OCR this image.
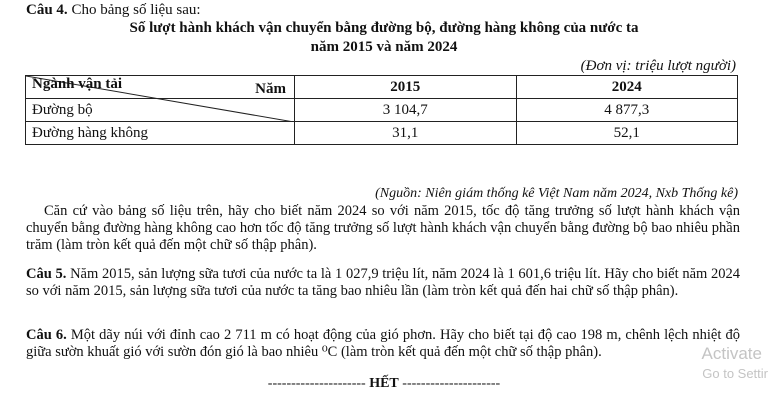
Câu 4. Cho bảng số liệu sau:
Số lượt hành khách vận chuyển bằng đường bộ, đường hàng không của nước ta
năm 2015 và năm 2024
(Đơn vị: triệu lượt người)
Năm
Ngành vận tải	2015	2024
Đường bộ	3 104,7	4 877,3
Đường hàng không	31,1	52,1
(Nguồn: Niên giám thống kê Việt Nam năm 2024, Nxb Thống kê)
Căn cứ vào bảng số liệu trên, hãy cho biết năm 2024 so với năm 2015, tốc độ tăng trưởng số lượt hành khách vận chuyển bằng đường hàng không cao hơn tốc độ tăng trưởng số lượt hành khách vận chuyển bằng đường bộ bao nhiêu phần trăm (làm tròn kết quả đến một chữ số thập phân).
Câu 5. Năm 2015, sản lượng sữa tươi của nước ta là 1 027,9 triệu lít, năm 2024 là 1 601,6 triệu lít. Hãy cho biết năm 2024 so với năm 2015, sản lượng sữa tươi của nước ta tăng bao nhiêu lần (làm tròn kết quả đến hai chữ số thập phân).
Câu 6. Một dãy núi với đỉnh cao 2 711 m có hoạt động của gió phơn. Hãy cho biết tại độ cao 198 m, chênh lệch nhiệt độ giữa sườn khuất gió với sườn đón gió là bao nhiêu ⁰C (làm tròn kết quả đến một chữ số thập phân).
--------------------- HẾT ---------------------
Activate
Go to Settir
